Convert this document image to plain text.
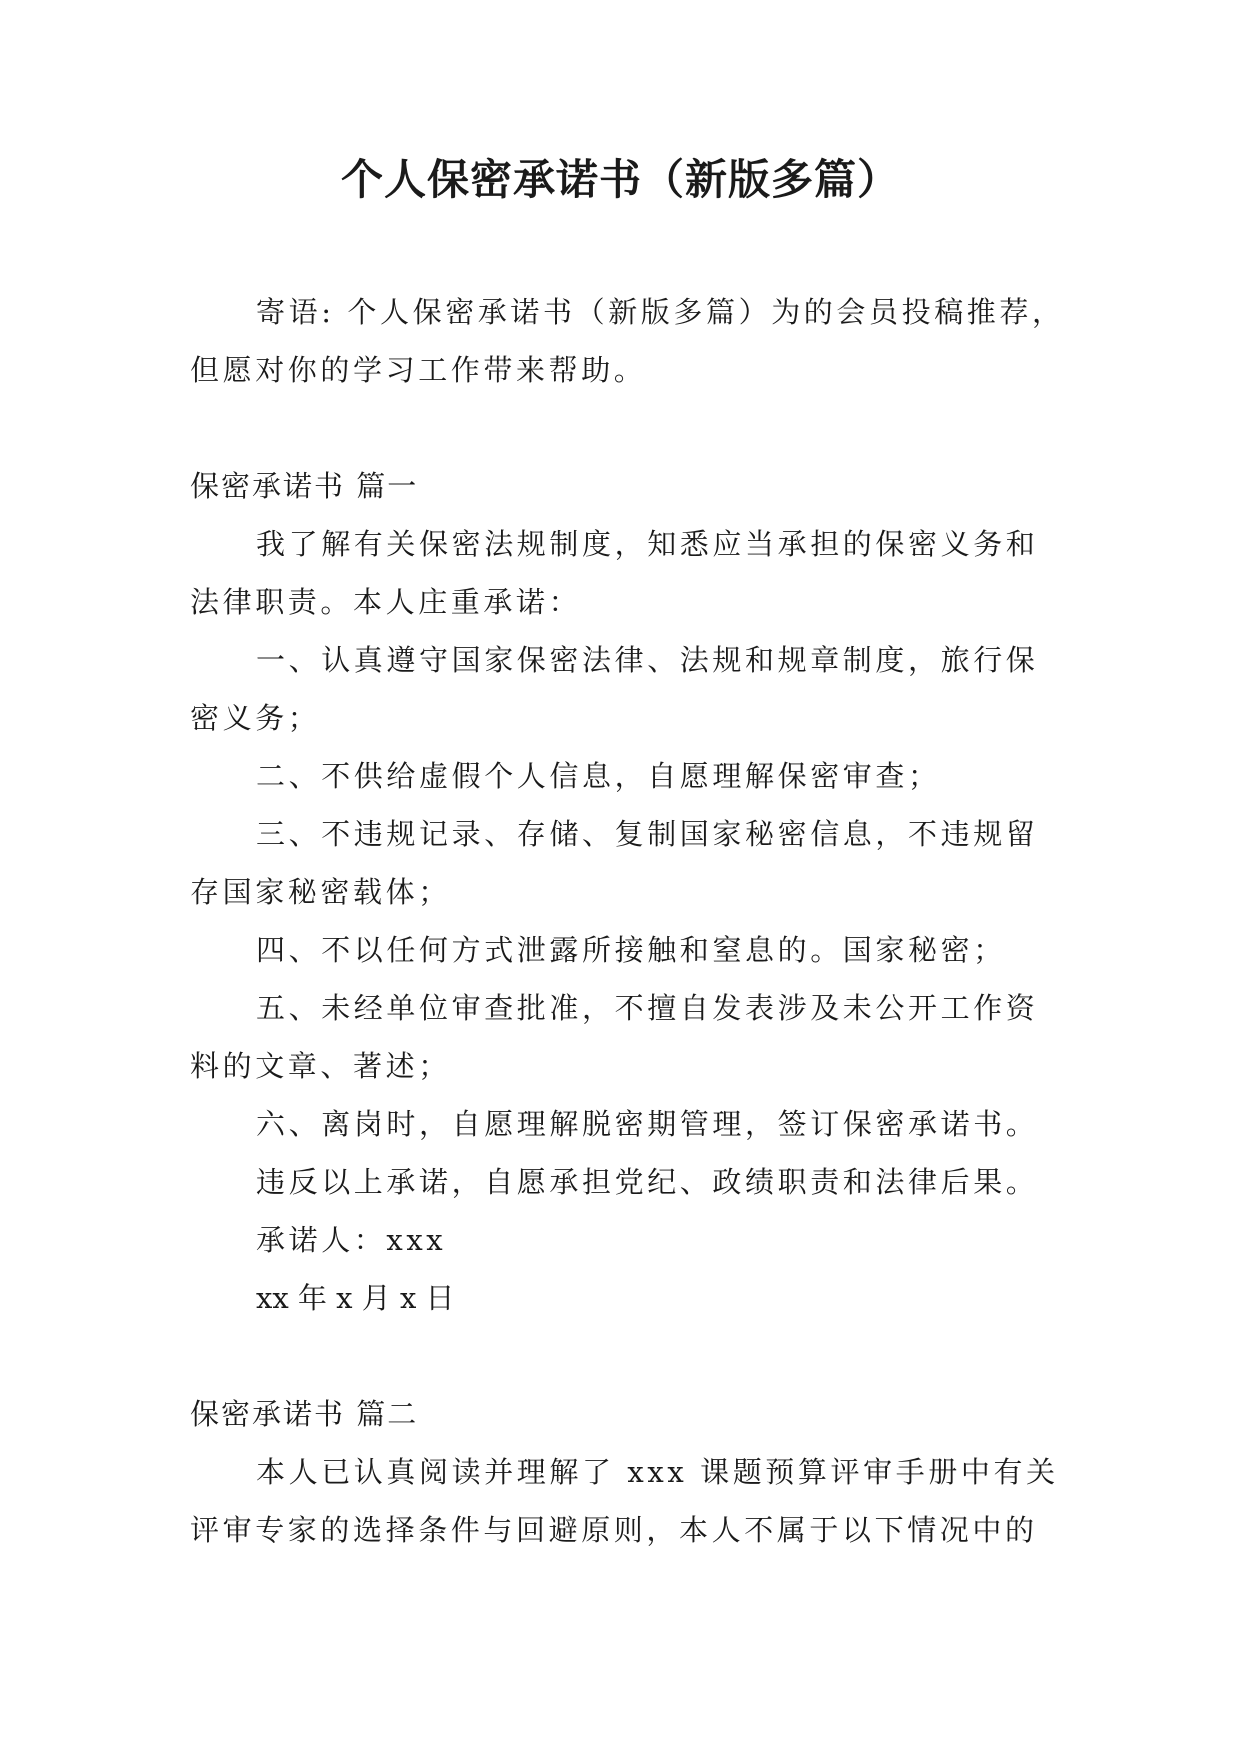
个人保密承诺书（新版多篇）

寄语: 个人保密承诺书（新版多篇）为的会员投稿推荐，

但愿对你的学习工作带来帮助。

保密承诺书 篇一

我了解有关保密法规制度，知悉应当承担的保密义务和

法律职责。本人庄重承诺：

一、认真遵守国家保密法律、法规和规章制度，旅行保

密义务；

二、不供给虚假个人信息，自愿理解保密审查；

三、不违规记录、存储、复制国家秘密信息，不违规留

存国家秘密载体；

四、不以任何方式泄露所接触和窒息的。国家秘密；

五、未经单位审查批准，不擅自发表涉及未公开工作资

料的文章、著述；

六、离岗时，自愿理解脱密期管理，签订保密承诺书。

违反以上承诺，自愿承担党纪、政绩职责和法律后果。

承诺人：xxx

xx 年 x 月 x 日

保密承诺书 篇二

本人已认真阅读并理解了 xxx 课题预算评审手册中有关

评审专家的选择条件与回避原则，本人不属于以下情况中的
